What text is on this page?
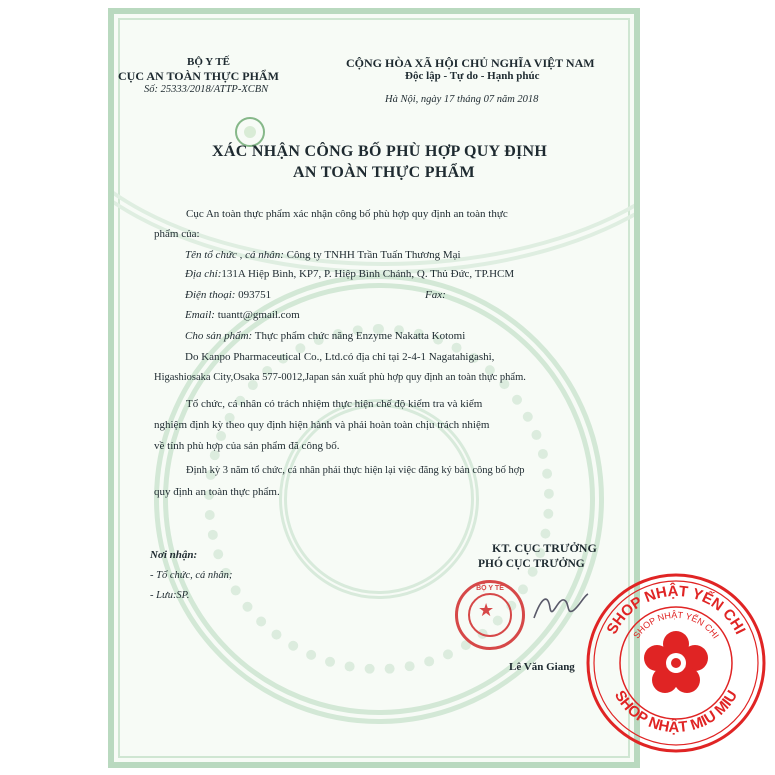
BỘ Y TẾ
CỤC AN TOÀN THỰC PHẨM
Số: 25333/2018/ATTP-XCBN
CỘNG HÒA XÃ HỘI CHỦ NGHĨA VIỆT NAM
Độc lập - Tự do - Hạnh phúc
Hà Nội, ngày 17 tháng 07 năm 2018
XÁC NHẬN CÔNG BỐ PHÙ HỢP QUY ĐỊNH
AN TOÀN THỰC PHẨM
Cục An toàn thực phẩm xác nhận công bố phù hợp quy định an toàn thực
phẩm của:
Tên tổ chức , cá nhân: Công ty TNHH Trần Tuấn Thương Mại
Địa chỉ:131A Hiệp Bình, KP7, P. Hiệp Bình Chánh, Q. Thủ Đức, TP.HCM
Điện thoại: 093751	Fax:
Email: tuantt@gmail.com
Cho sản phẩm: Thực phẩm chức năng Enzyme Nakatta Kotomi
Do Kanpo Pharmaceutical Co., Ltd.có địa chỉ tại 2-4-1 Nagatahigashi,
Higashiosaka City,Osaka 577-0012,Japan sản xuất phù hợp quy định an toàn thực phẩm.
Tổ chức, cá nhân có trách nhiệm thực hiện chế độ kiểm tra và kiểm
nghiệm định kỳ theo quy định hiện hành và phải hoàn toàn chịu trách nhiệm
về tính phù hợp của sản phẩm đã công bố.
Định kỳ 3 năm tổ chức, cá nhân phải thực hiện lại việc đăng ký bản công bố hợp
quy định an toàn thực phẩm.
Nơi nhận:
- Tổ chức, cá nhân;
- Lưu:SP.
KT. CỤC TRƯỞNG
PHÓ CỤC TRƯỞNG
BỘ Y TẾ
★
Lê Văn Giang
SHOP NHẬT YẾN CHI
SHOP NHẬT YẾN CHI
SHOP NHẬT MIU MIU
